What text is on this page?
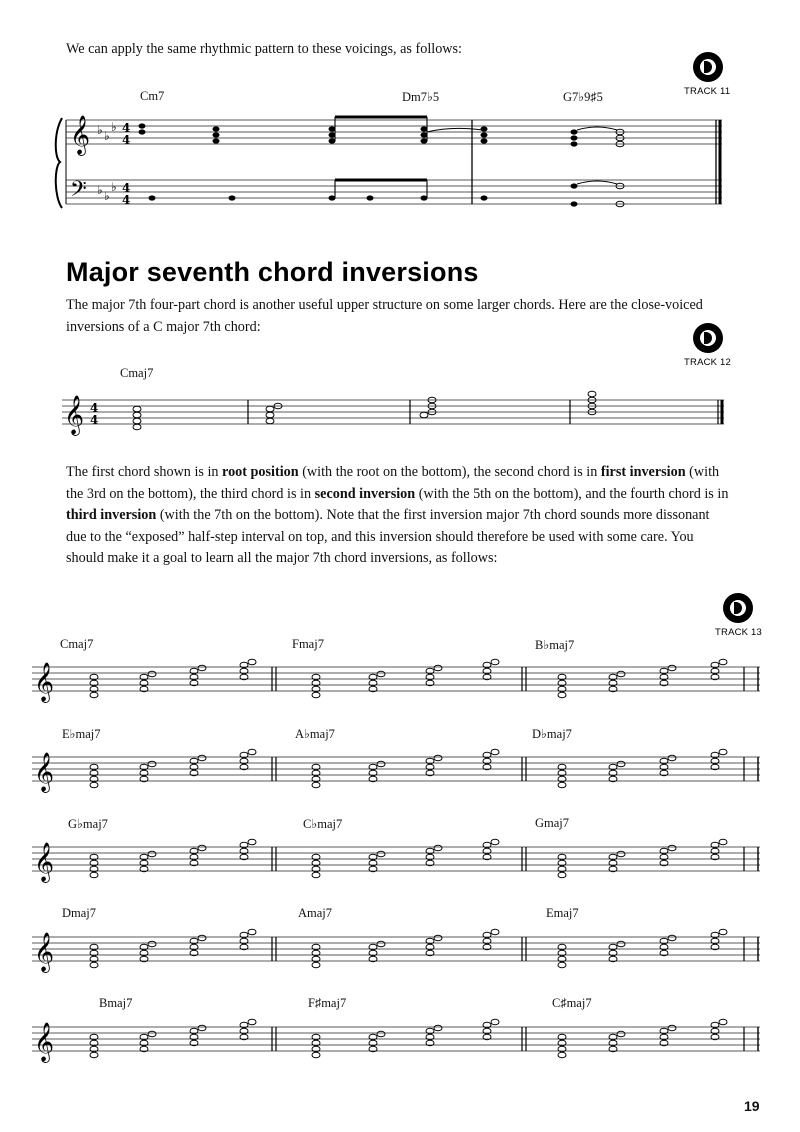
We can apply the same rhythmic pattern to these voicings, as follows:
TRACK 11
Cm7	Dm7♭5	G7♭9♯5
𝄞
𝄢
♭ ♭
♭
♭ ♭
♭
4
4
4
4
Major seventh chord inversions
The major 7th four-part chord is another useful upper structure on some larger chords. Here are the close-voiced inversions of a C major 7th chord:
TRACK 12
Cmaj7
𝄞 4
4
The first chord shown is in root position (with the root on the bottom), the second chord is in first inversion (with the 3rd on the bottom), the third chord is in second inversion (with the 5th on the bottom), and the fourth chord is in third inversion (with the 7th on the bottom). Note that the first inversion major 7th chord sounds more dissonant due to the “exposed” half-step interval on top, and this inversion should therefore be used with some care. You should make it a goal to learn all the major 7th chord inversions, as follows:
TRACK 13
Cmaj7	Fmaj7	B♭maj7
E♭maj7	A♭maj7	D♭maj7
G♭maj7	C♭maj7	Gmaj7
Dmaj7	Amaj7	Emaj7
Bmaj7	F♯maj7	C♯maj7
𝄞
𝄞
𝄞
𝄞
𝄞
19
